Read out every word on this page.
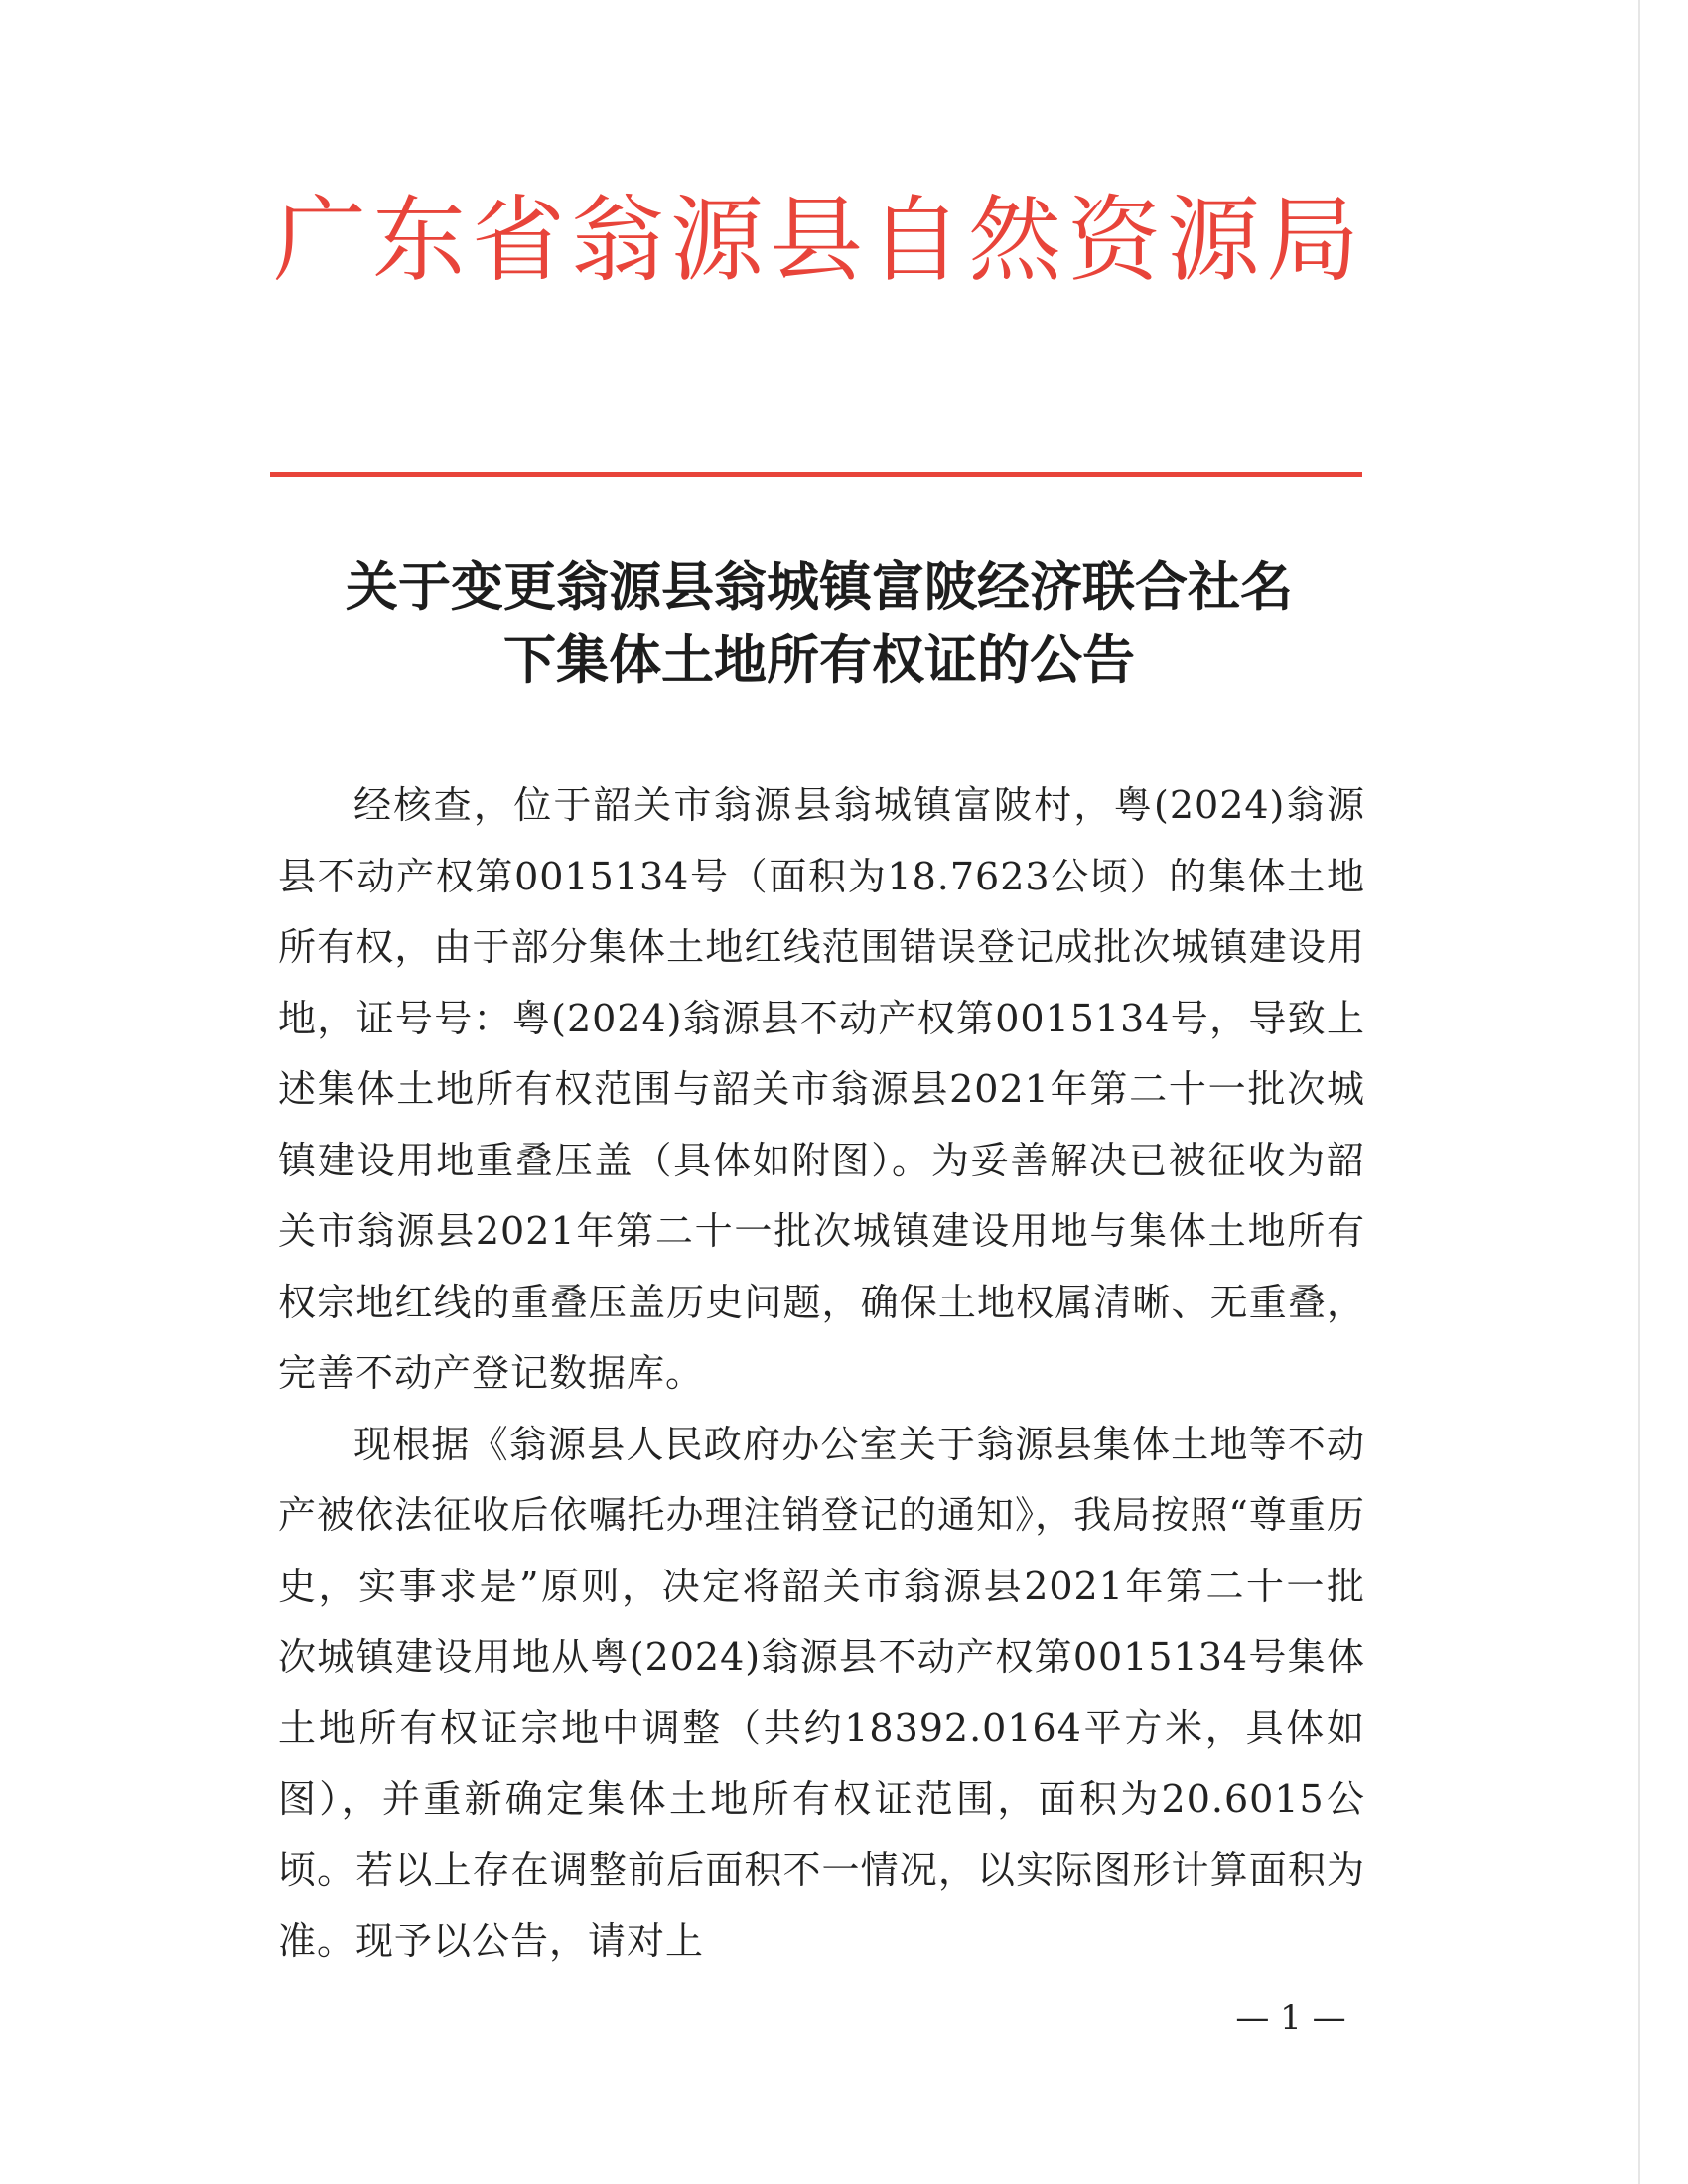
广东省翁源县自然资源局
关于变更翁源县翁城镇富陂经济联合社名
下集体土地所有权证的公告

经核查，位于韶关市翁源县翁城镇富陂村，粤(2024)翁源县不动产权第0015134号（面积为18.7623公顷）的集体土地所有权，由于部分集体土地红线范围错误登记成批次城镇建设用地，证号号：粤(2024)翁源县不动产权第0015134号，导致上述集体土地所有权范围与韶关市翁源县2021年第二十一批次城镇建设用地重叠压盖（具体如附图）。为妥善解决已被征收为韶关市翁源县2021年第二十一批次城镇建设用地与集体土地所有权宗地红线的重叠压盖历史问题，确保土地权属清晰、无重叠，完善不动产登记数据库。

现根据《翁源县人民政府办公室关于翁源县集体土地等不动产被依法征收后依嘱托办理注销登记的通知》，我局按照“尊重历史，实事求是”原则，决定将韶关市翁源县2021年第二十一批次城镇建设用地从粤(2024)翁源县不动产权第0015134号集体土地所有权证宗地中调整（共约18392.0164平方米，具体如图），并重新确定集体土地所有权证范围，面积为20.6015公顷。若以上存在调整前后面积不一情况，以实际图形计算面积为准。现予以公告，请对上

— 1 —
